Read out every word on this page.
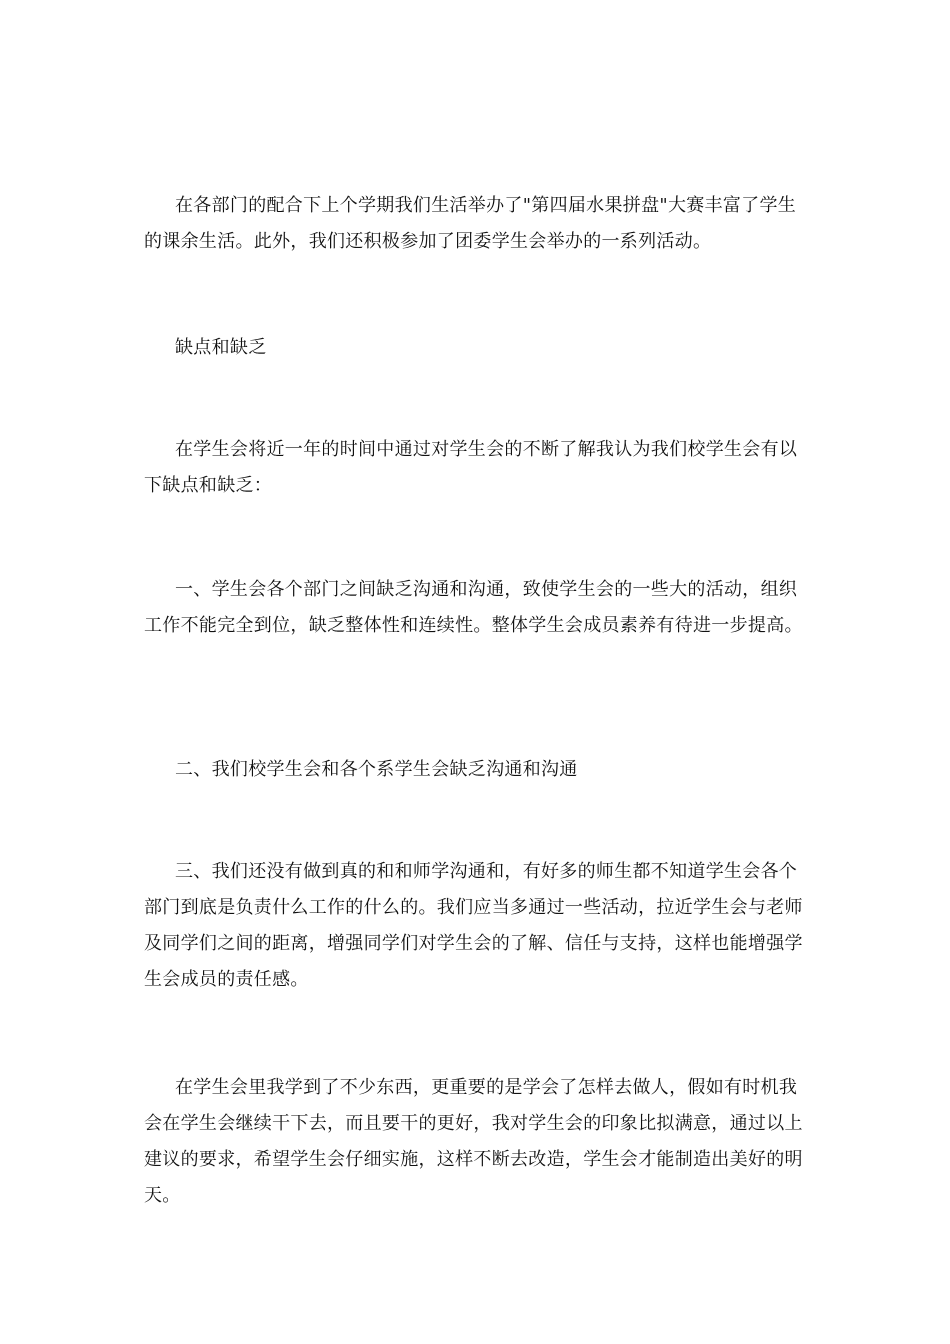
在各部门的配合下上个学期我们生活举办了"第四届水果拼盘"大赛丰富了学生的课余生活。此外，我们还积极参加了团委学生会举办的一系列活动。

缺点和缺乏

在学生会将近一年的时间中通过对学生会的不断了解我认为我们校学生会有以下缺点和缺乏：

一、学生会各个部门之间缺乏沟通和沟通，致使学生会的一些大的活动，组织工作不能完全到位，缺乏整体性和连续性。整体学生会成员素养有待进一步提高。

二、我们校学生会和各个系学生会缺乏沟通和沟通

三、我们还没有做到真的和和师学沟通和，有好多的师生都不知道学生会各个部门到底是负责什么工作的什么的。我们应当多通过一些活动，拉近学生会与老师及同学们之间的距离，增强同学们对学生会的了解、信任与支持，这样也能增强学生会成员的责任感。

在学生会里我学到了不少东西，更重要的是学会了怎样去做人，假如有时机我会在学生会继续干下去，而且要干的更好，我对学生会的印象比拟满意，通过以上建议的要求，希望学生会仔细实施，这样不断去改造，学生会才能制造出美好的明天。
